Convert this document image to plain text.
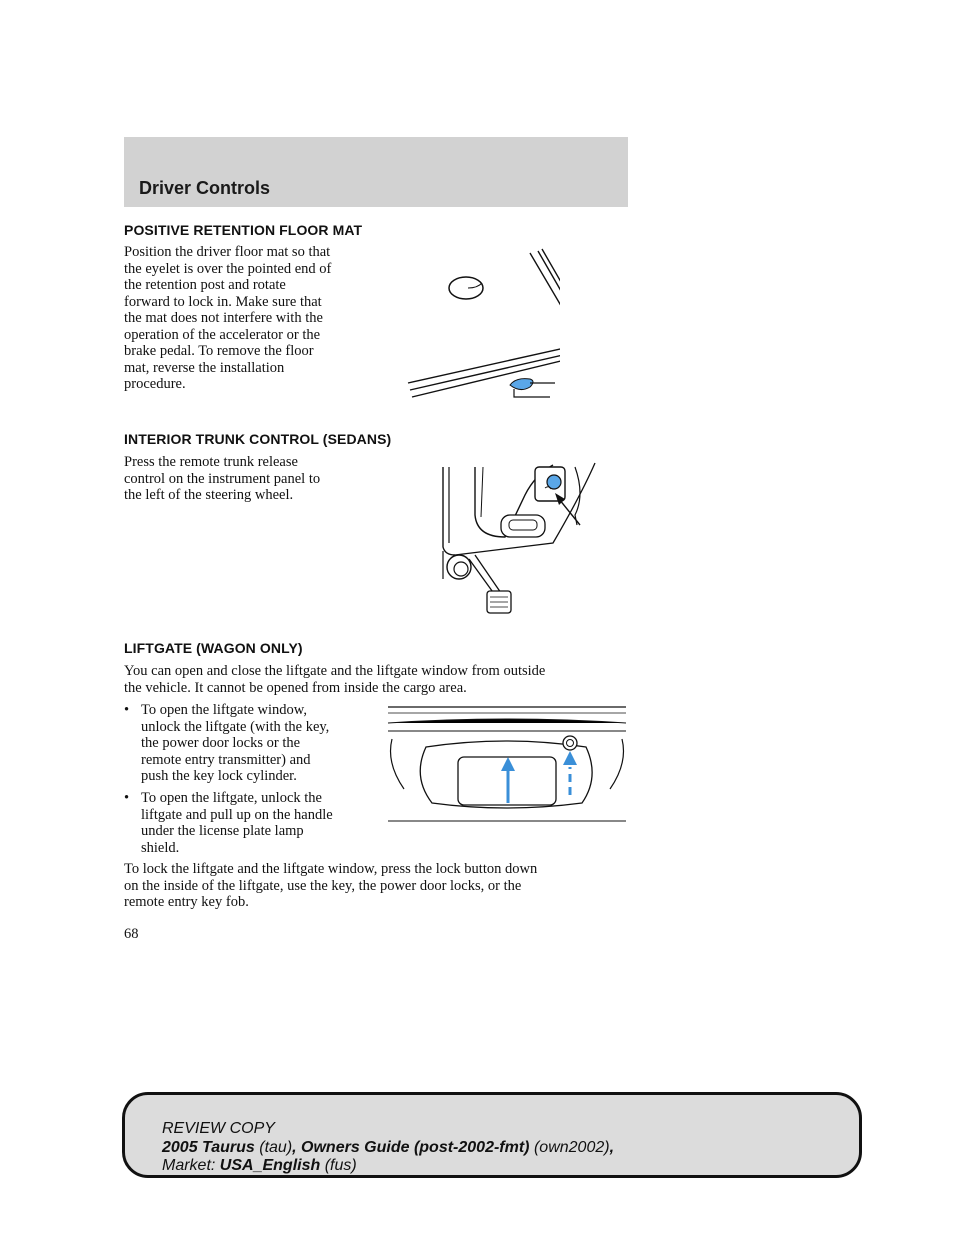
Driver Controls
POSITIVE RETENTION FLOOR MAT
Position the driver floor mat so that
the eyelet is over the pointed end of
the retention post and rotate
forward to lock in. Make sure that
the mat does not interfere with the
operation of the accelerator or the
brake pedal. To remove the floor
mat, reverse the installation
procedure.
INTERIOR TRUNK CONTROL (SEDANS)
Press the remote trunk release
control on the instrument panel to
the left of the steering wheel.
LIFTGATE (WAGON ONLY)
You can open and close the liftgate and the liftgate window from outside
the vehicle. It cannot be opened from inside the cargo area.
• To open the liftgate window,
unlock the liftgate (with the key,
the power door locks or the
remote entry transmitter) and
push the key lock cylinder.
• To open the liftgate, unlock the
liftgate and pull up on the handle
under the license plate lamp
shield.
To lock the liftgate and the liftgate window, press the lock button down
on the inside of the liftgate, use the key, the power door locks, or the
remote entry key fob.
68
REVIEW COPY
2005 Taurus (tau), Owners Guide (post-2002-fmt) (own2002),
Market: USA_English (fus)
